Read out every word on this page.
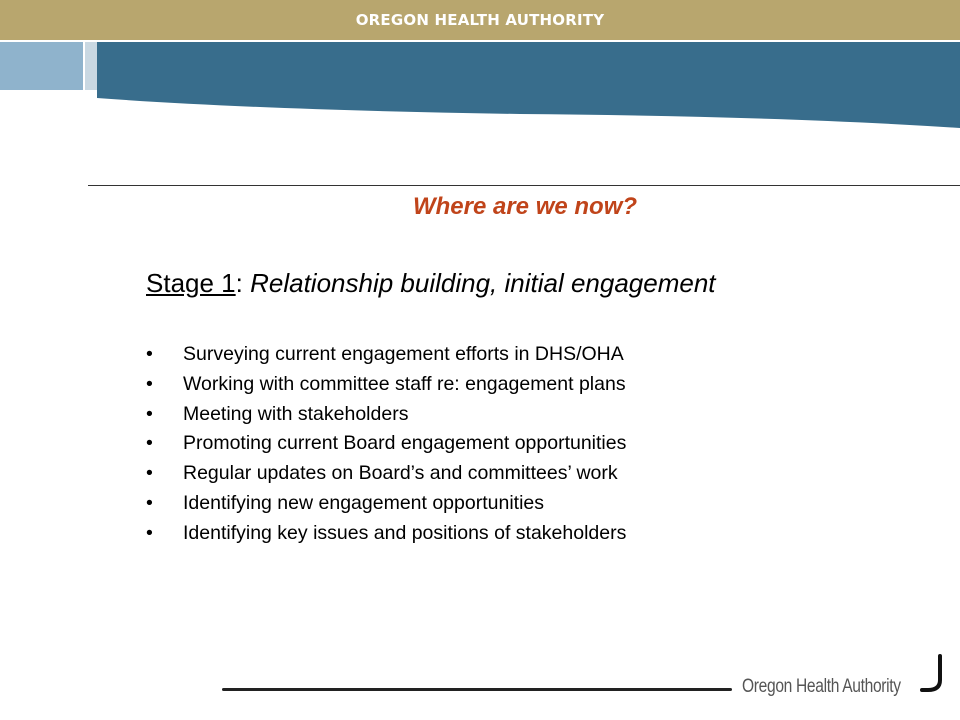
OREGON HEALTH AUTHORITY
Where are we now?
Stage 1: Relationship building, initial engagement
• Surveying current engagement efforts in DHS/OHA
• Working with committee staff re: engagement plans
• Meeting with stakeholders
• Promoting current Board engagement opportunities
• Regular updates on Board’s and committees’ work
• Identifying new engagement opportunities
• Identifying key issues and positions of stakeholders
Oregon Health Authority
